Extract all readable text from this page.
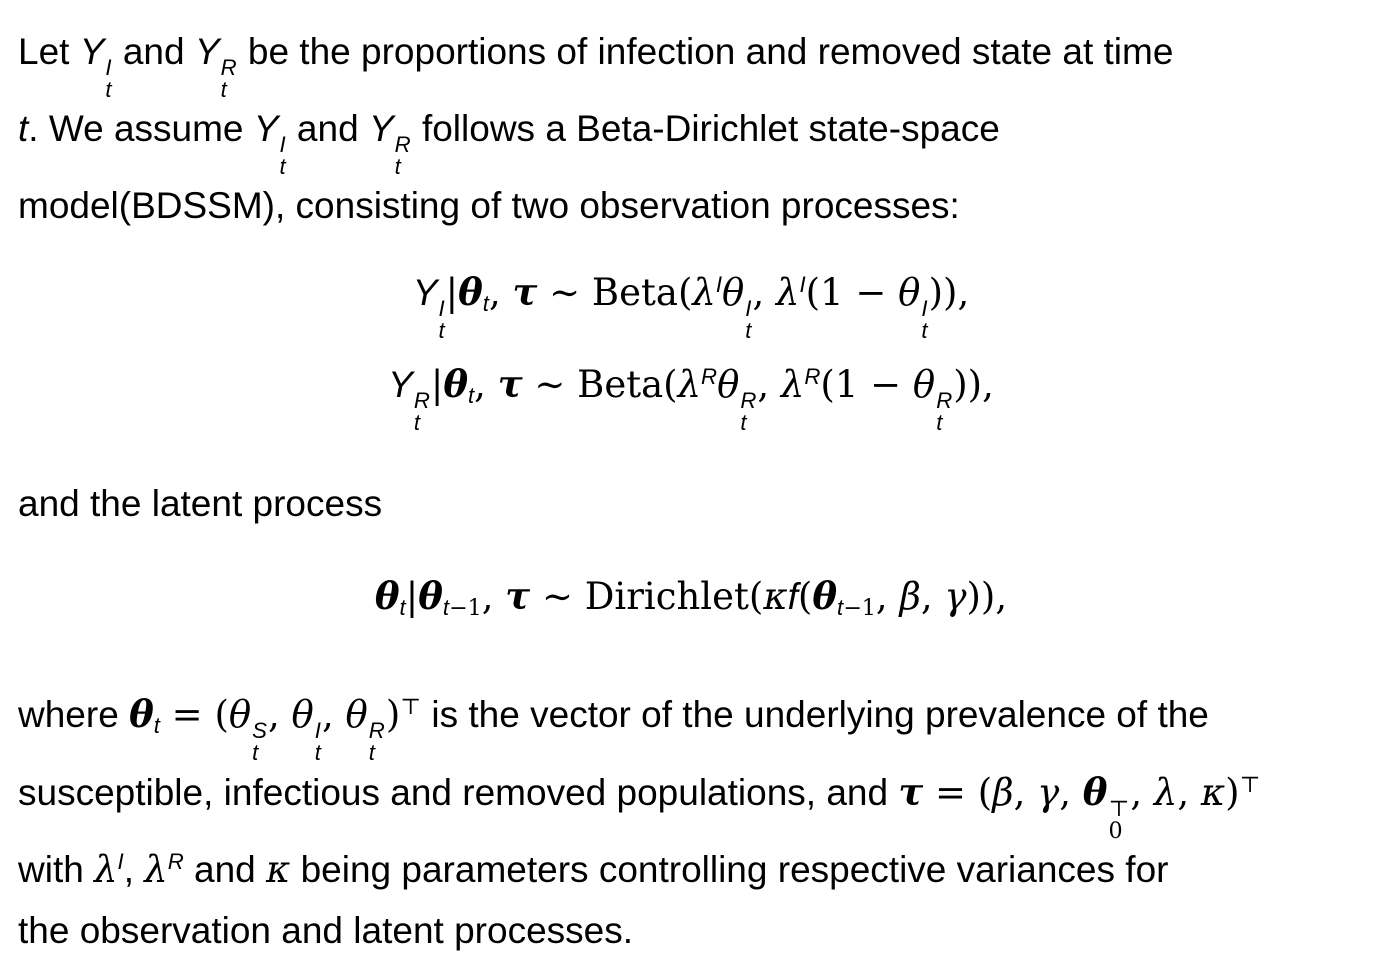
Let Y I
t
and Y R
t
be the proportions of infection and removed state at time
t. We assume Y I
t
and Y R
t
follows a Beta-Dirichlet state-space
model(BDSSM), consisting of two observation processes:
Y I
t
|θt, τ ∼ $Beta(\lambda^I\theta$ I
t
, $\lambda^I(1 - \theta$ I
t
)),
Y R
t
|θt, τ ∼ $Beta(\lambda^R\theta$ R
t
, $\lambda^R(1 - \theta$ R
t
)),
and the latent process
θt|θt−1, τ ∼ Dirichlet(κf(θt−1, β, γ)),
where θt = (θ S
t
, θ I
t
, θ R
t
)⊤ is the vector of the underlying prevalence of the
susceptible, infectious and removed populations, and τ = (β, γ, θ ⊤
0
, λ, κ)⊤
with $\lambda^I$, $\lambda^R$ and κ being parameters controlling respective variances for
the observation and latent processes.
